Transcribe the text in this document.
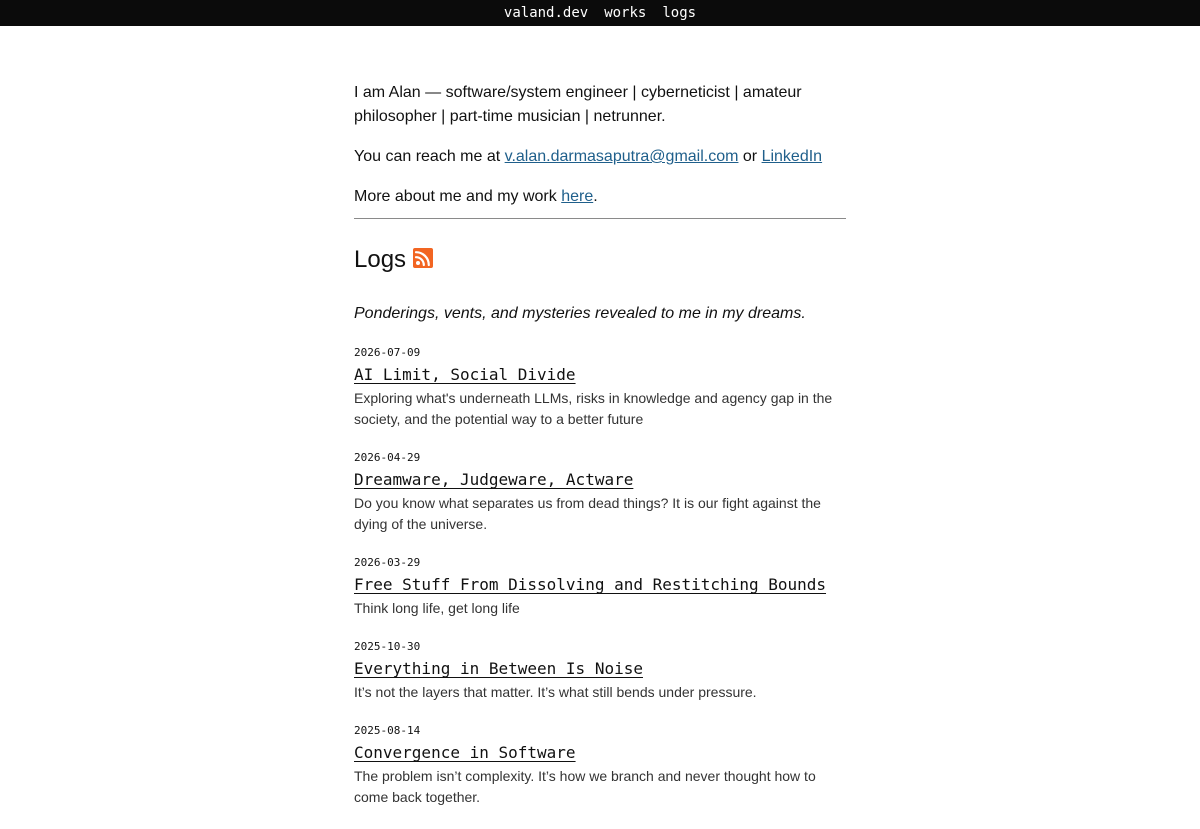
valand.dev works logs

I am Alan — software/system engineer | cyberneticist | amateur philosopher | part-time musician | netrunner.

You can reach me at v.alan.darmasaputra@gmail.com or LinkedIn

More about me and my work here.

Logs

Ponderings, vents, and mysteries revealed to me in my dreams.

2026-07-09
AI Limit, Social Divide
Exploring what's underneath LLMs, risks in knowledge and agency gap in the society, and the potential way to a better future
2026-04-29
Dreamware, Judgeware, Actware
Do you know what separates us from dead things? It is our fight against the dying of the universe.
2026-03-29
Free Stuff From Dissolving and Restitching Bounds
Think long life, get long life
2025-10-30
Everything in Between Is Noise
It’s not the layers that matter. It’s what still bends under pressure.
2025-08-14
Convergence in Software
The problem isn’t complexity. It’s how we branch and never thought how to come back together.
